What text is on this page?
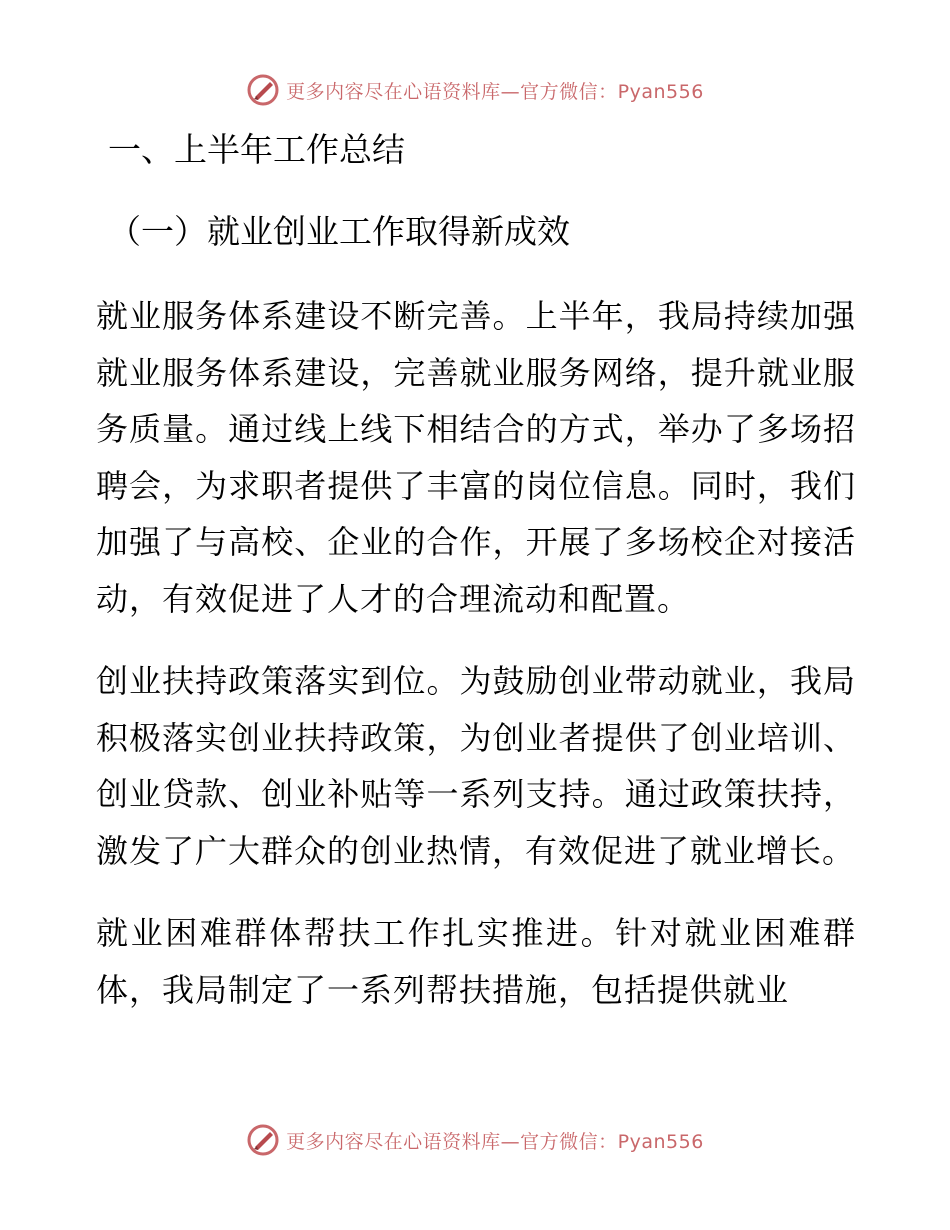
更多内容尽在心语资料库—官方微信：Pyan556
一、上半年工作总结
（一）就业创业工作取得新成效

就业服务体系建设不断完善。上半年，我局持续加强就业服务体系建设，完善就业服务网络，提升就业服务质量。通过线上线下相结合的方式，举办了多场招聘会，为求职者提供了丰富的岗位信息。同时，我们加强了与高校、企业的合作，开展了多场校企对接活动，有效促进了人才的合理流动和配置。

创业扶持政策落实到位。为鼓励创业带动就业，我局积极落实创业扶持政策，为创业者提供了创业培训、创业贷款、创业补贴等一系列支持。通过政策扶持，激发了广大群众的创业热情，有效促进了就业增长。

就业困难群体帮扶工作扎实推进。针对就业困难群体，我局制定了一系列帮扶措施，包括提供就业

更多内容尽在心语资料库—官方微信：Pyan556
